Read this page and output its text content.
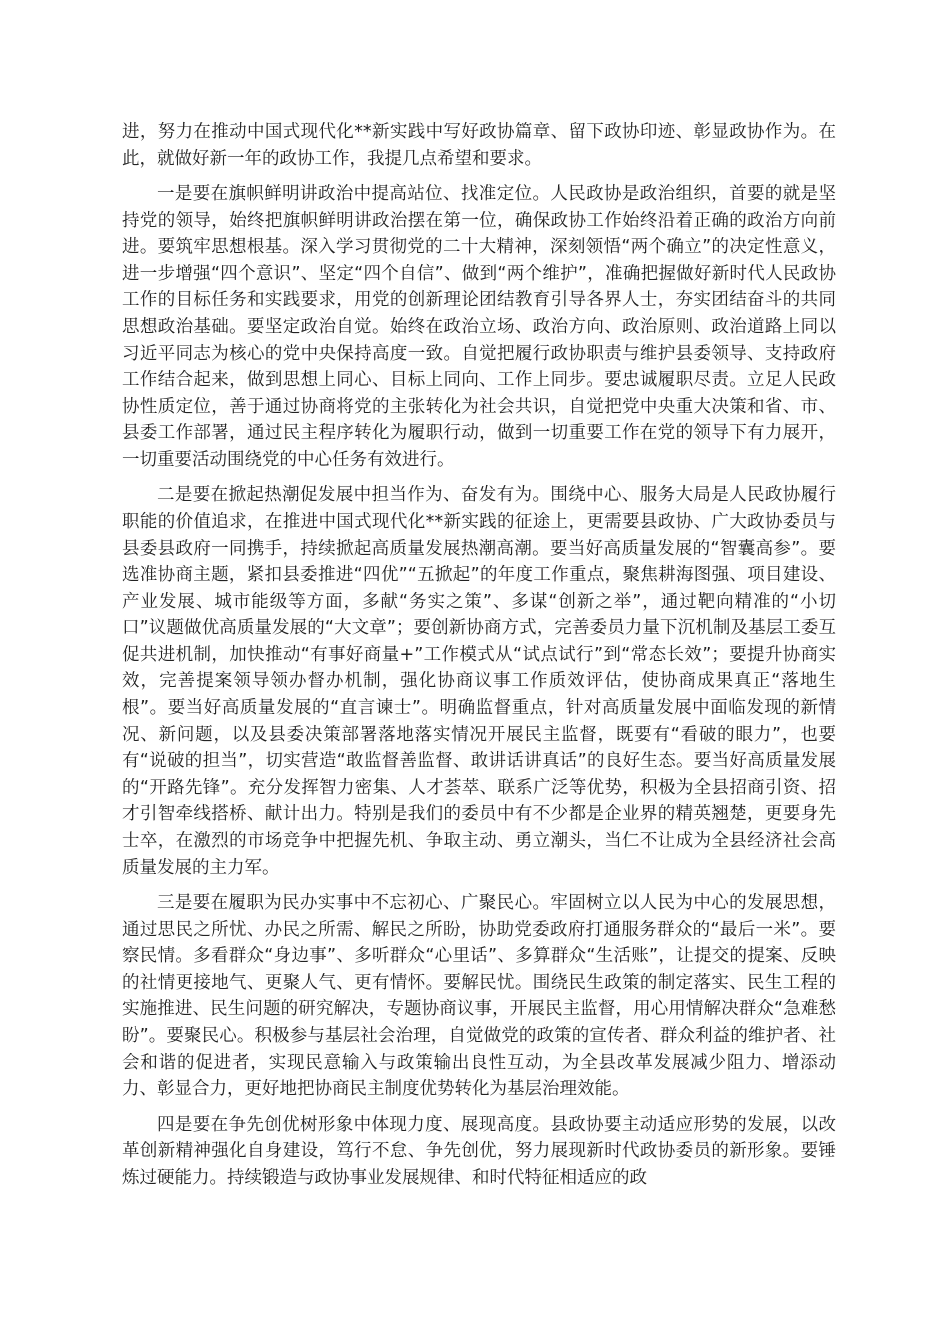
进，努力在推动中国式现代化**新实践中写好政协篇章、留下政协印迹、彰显政协作为。在此，就做好新一年的政协工作，我提几点希望和要求。

一是要在旗帜鲜明讲政治中提高站位、找准定位。人民政协是政治组织，首要的就是坚持党的领导，始终把旗帜鲜明讲政治摆在第一位，确保政协工作始终沿着正确的政治方向前进。要筑牢思想根基。深入学习贯彻党的二十大精神，深刻领悟“两个确立”的决定性意义，进一步增强“四个意识”、坚定“四个自信”、做到“两个维护”，准确把握做好新时代人民政协工作的目标任务和实践要求，用党的创新理论团结教育引导各界人士，夯实团结奋斗的共同思想政治基础。要坚定政治自觉。始终在政治立场、政治方向、政治原则、政治道路上同以习近平同志为核心的党中央保持高度一致。自觉把履行政协职责与维护县委领导、支持政府工作结合起来，做到思想上同心、目标上同向、工作上同步。要忠诚履职尽责。立足人民政协性质定位，善于通过协商将党的主张转化为社会共识，自觉把党中央重大决策和省、市、县委工作部署，通过民主程序转化为履职行动，做到一切重要工作在党的领导下有力展开，一切重要活动围绕党的中心任务有效进行。

二是要在掀起热潮促发展中担当作为、奋发有为。围绕中心、服务大局是人民政协履行职能的价值追求，在推进中国式现代化**新实践的征途上，更需要县政协、广大政协委员与县委县政府一同携手，持续掀起高质量发展热潮高潮。要当好高质量发展的“智囊高参”。要选准协商主题，紧扣县委推进“四优”“五掀起”的年度工作重点，聚焦耕海图强、项目建设、产业发展、城市能级等方面，多献“务实之策”、多谋“创新之举”，通过靶向精准的“小切口”议题做优高质量发展的“大文章”；要创新协商方式，完善委员力量下沉机制及基层工委互促共进机制，加快推动“有事好商量+”工作模式从“试点试行”到“常态长效”；要提升协商实效，完善提案领导领办督办机制，强化协商议事工作质效评估，使协商成果真正“落地生根”。要当好高质量发展的“直言谏士”。明确监督重点，针对高质量发展中面临发现的新情况、新问题，以及县委决策部署落地落实情况开展民主监督，既要有“看破的眼力”，也要有“说破的担当”，切实营造“敢监督善监督、敢讲话讲真话”的良好生态。要当好高质量发展的“开路先锋”。充分发挥智力密集、人才荟萃、联系广泛等优势，积极为全县招商引资、招才引智牵线搭桥、献计出力。特别是我们的委员中有不少都是企业界的精英翘楚，更要身先士卒，在激烈的市场竞争中把握先机、争取主动、勇立潮头，当仁不让成为全县经济社会高质量发展的主力军。

三是要在履职为民办实事中不忘初心、广聚民心。牢固树立以人民为中心的发展思想，通过思民之所忧、办民之所需、解民之所盼，协助党委政府打通服务群众的“最后一米”。要察民情。多看群众“身边事”、多听群众“心里话”、多算群众“生活账”，让提交的提案、反映的社情更接地气、更聚人气、更有情怀。要解民忧。围绕民生政策的制定落实、民生工程的实施推进、民生问题的研究解决，专题协商议事，开展民主监督，用心用情解决群众“急难愁盼”。要聚民心。积极参与基层社会治理，自觉做党的政策的宣传者、群众利益的维护者、社会和谐的促进者，实现民意输入与政策输出良性互动，为全县改革发展减少阻力、增添动力、彰显合力，更好地把协商民主制度优势转化为基层治理效能。

四是要在争先创优树形象中体现力度、展现高度。县政协要主动适应形势的发展，以改革创新精神强化自身建设，笃行不怠、争先创优，努力展现新时代政协委员的新形象。要锤炼过硬能力。持续锻造与政协事业发展规律、和时代特征相适应的政
